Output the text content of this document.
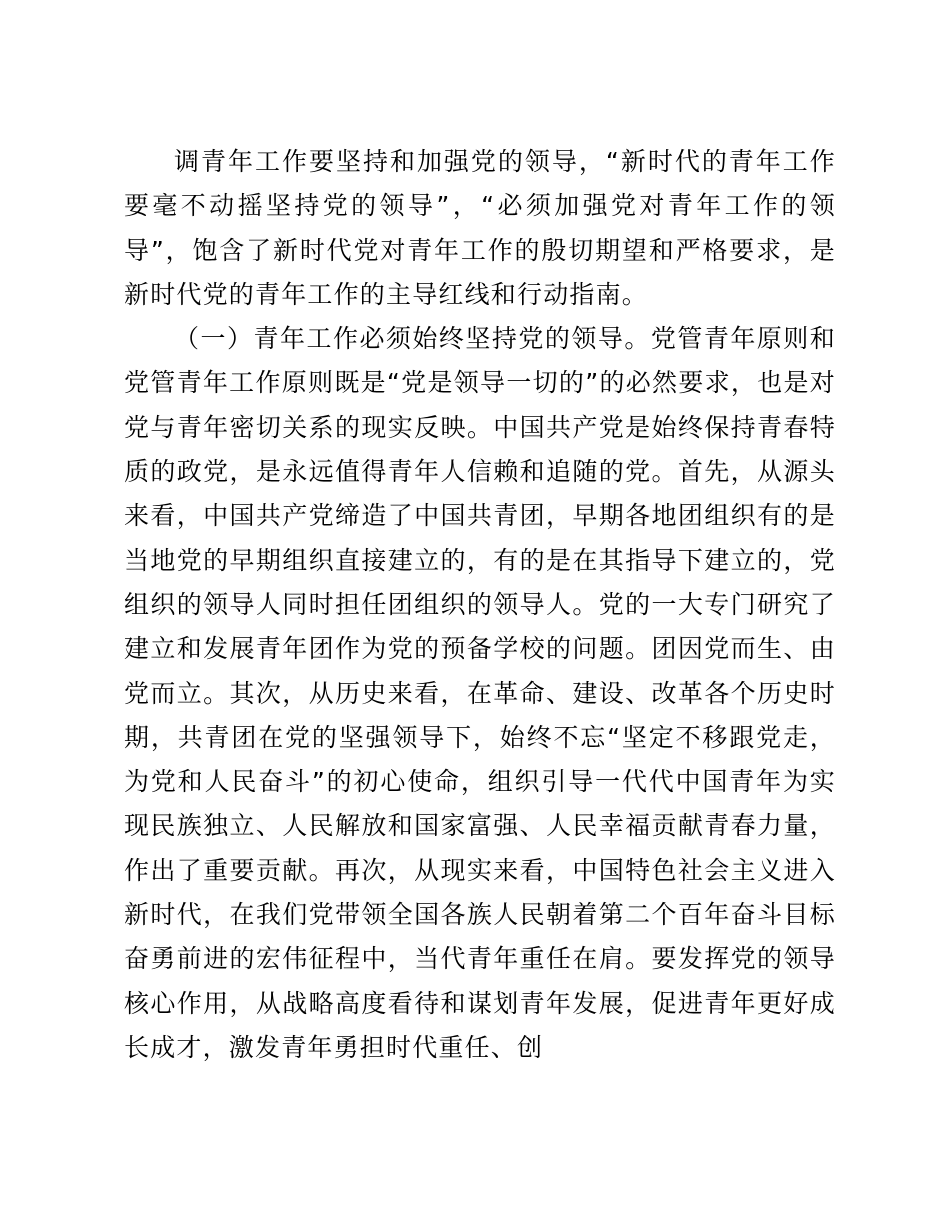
调青年工作要坚持和加强党的领导，“新时代的青年工作要毫不动摇坚持党的领导”，“必须加强党对青年工作的领导”，饱含了新时代党对青年工作的殷切期望和严格要求，是新时代党的青年工作的主导红线和行动指南。

（一）青年工作必须始终坚持党的领导。党管青年原则和党管青年工作原则既是“党是领导一切的”的必然要求，也是对党与青年密切关系的现实反映。中国共产党是始终保持青春特质的政党，是永远值得青年人信赖和追随的党。首先，从源头来看，中国共产党缔造了中国共青团，早期各地团组织有的是当地党的早期组织直接建立的，有的是在其指导下建立的，党组织的领导人同时担任团组织的领导人。党的一大专门研究了建立和发展青年团作为党的预备学校的问题。团因党而生、由党而立。其次，从历史来看，在革命、建设、改革各个历史时期，共青团在党的坚强领导下，始终不忘“坚定不移跟党走，为党和人民奋斗”的初心使命，组织引导一代代中国青年为实现民族独立、人民解放和国家富强、人民幸福贡献青春力量，作出了重要贡献。再次，从现实来看，中国特色社会主义进入新时代，在我们党带领全国各族人民朝着第二个百年奋斗目标奋勇前进的宏伟征程中，当代青年重任在肩。要发挥党的领导核心作用，从战略高度看待和谋划青年发展，促进青年更好成长成才，激发青年勇担时代重任、创
